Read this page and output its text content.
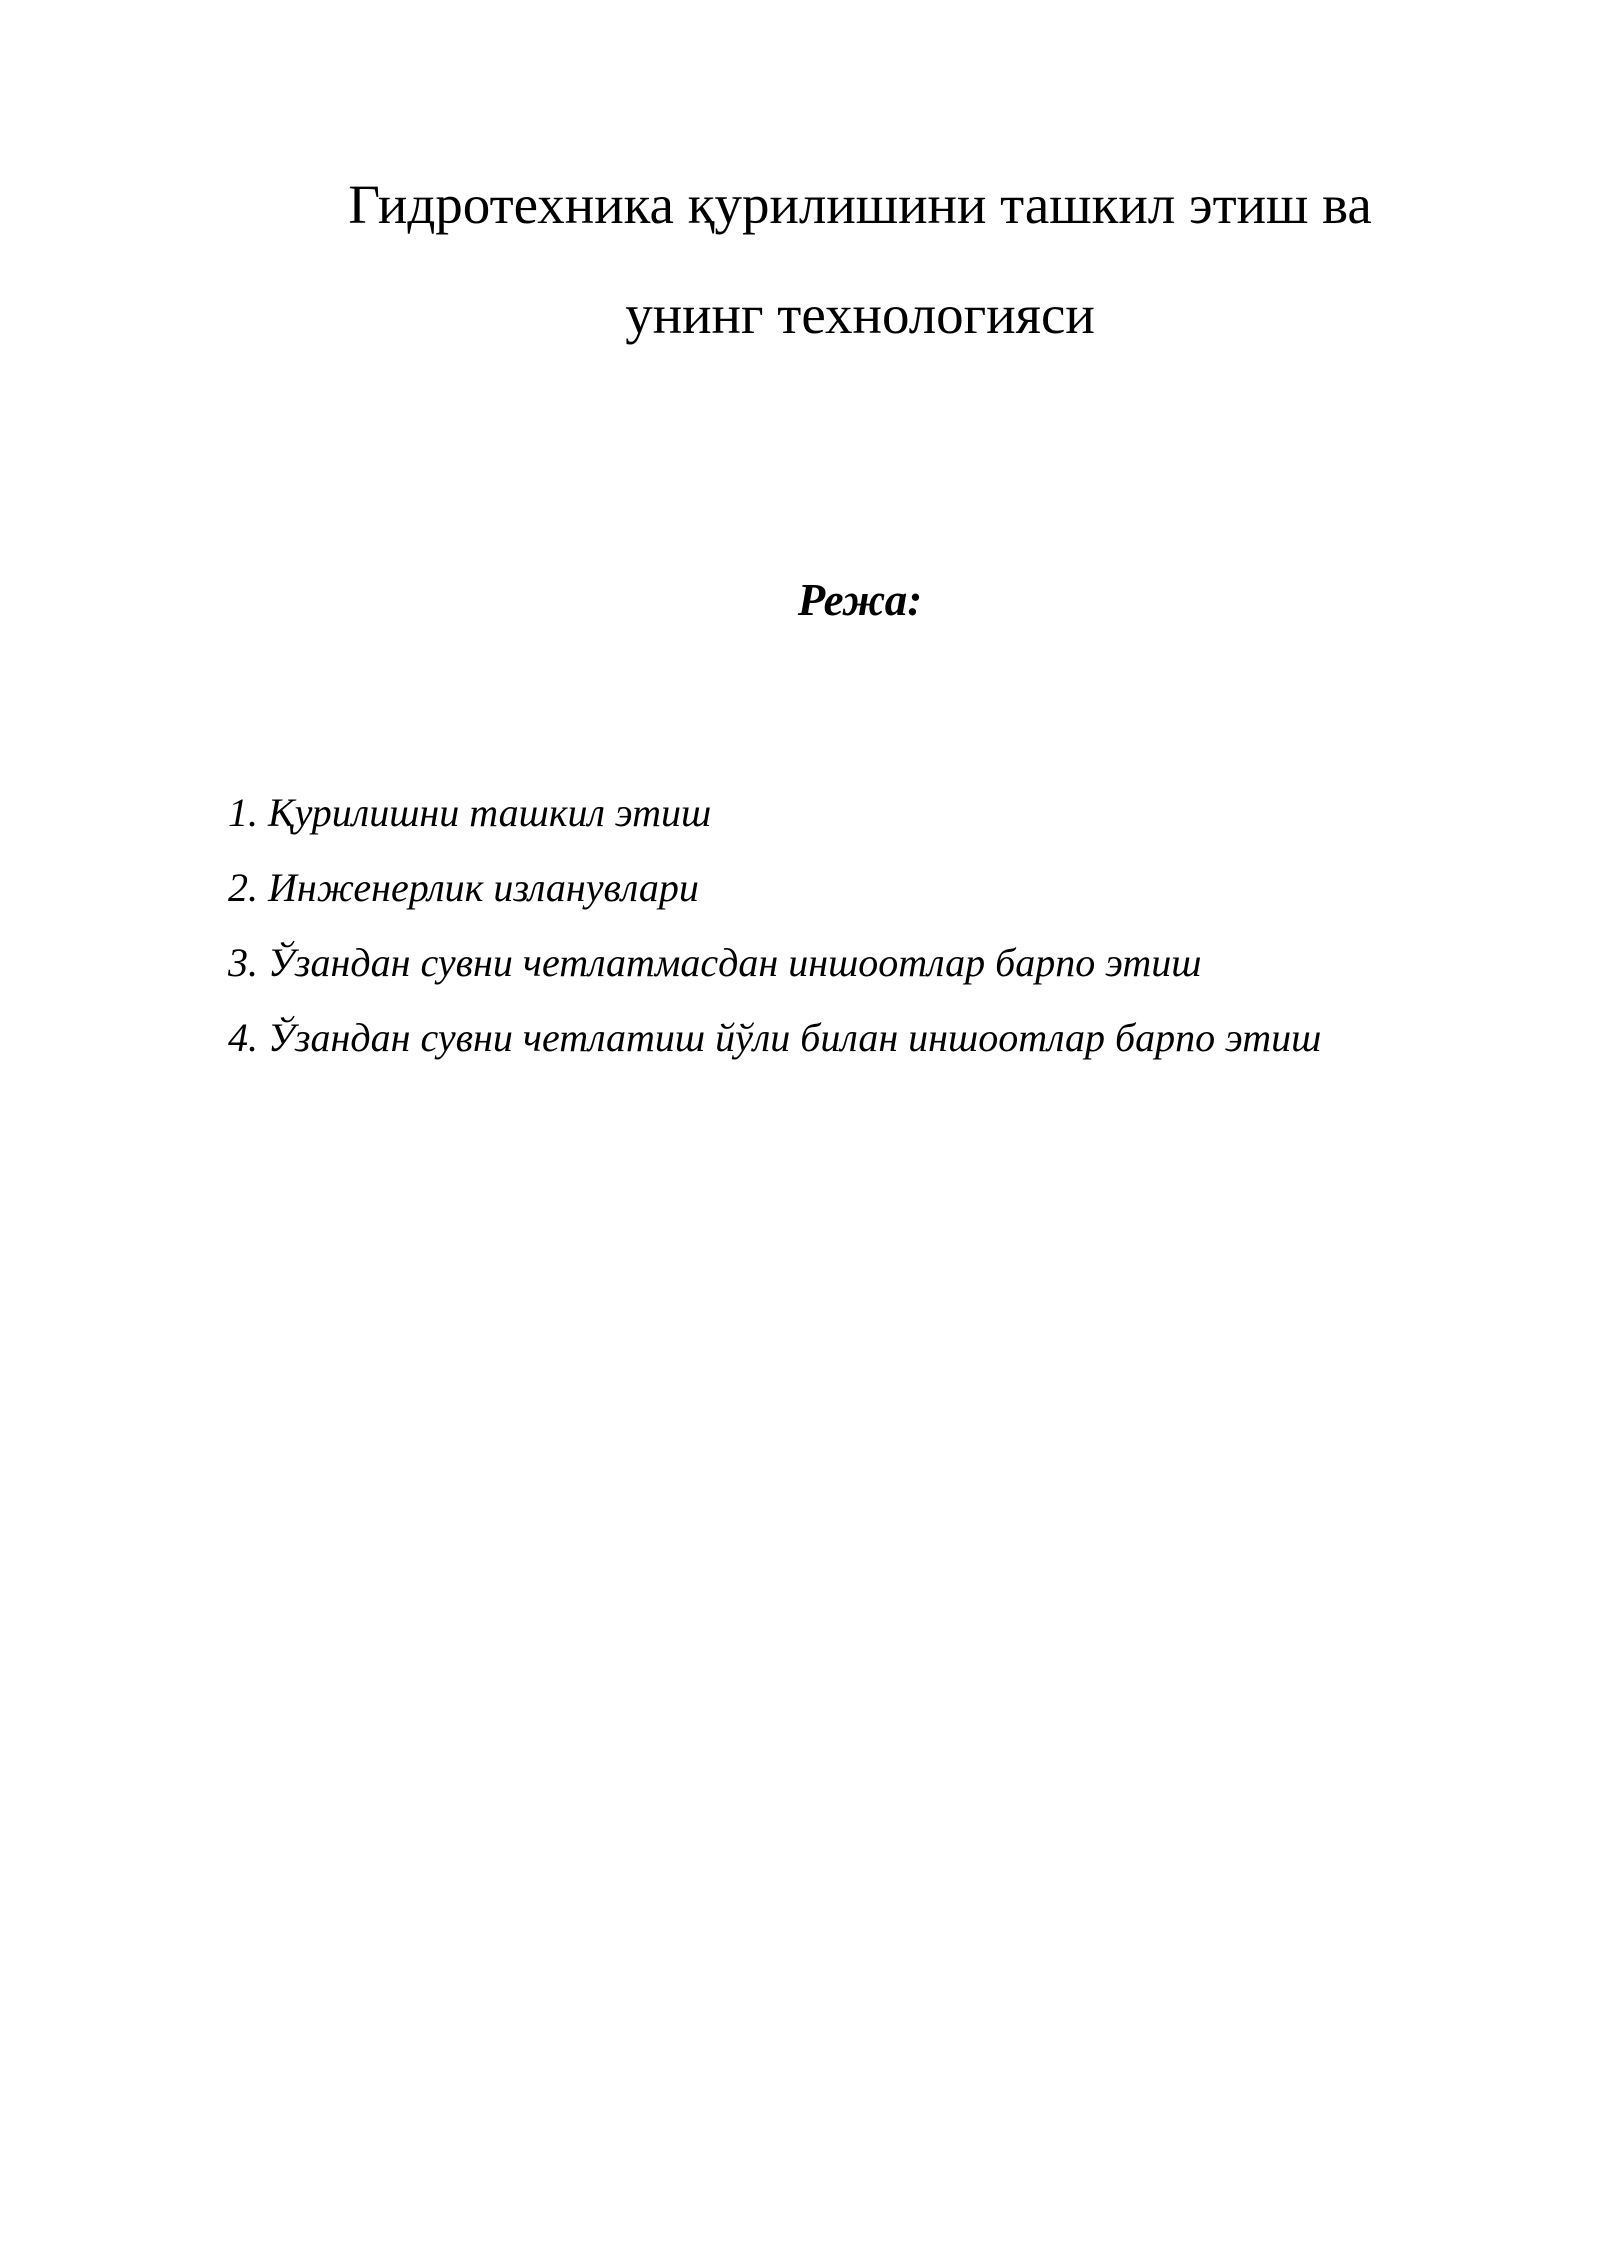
Гидротехника қурилишини ташкил этиш ва
унинг технологияси
Режа:
1. Қурилишни ташкил этиш
2. Инженерлик изланувлари
3. Ўзандан сувни четлатмасдан иншоотлар барпо этиш
4. Ўзандан сувни четлатиш йўли билан иншоотлар барпо этиш
